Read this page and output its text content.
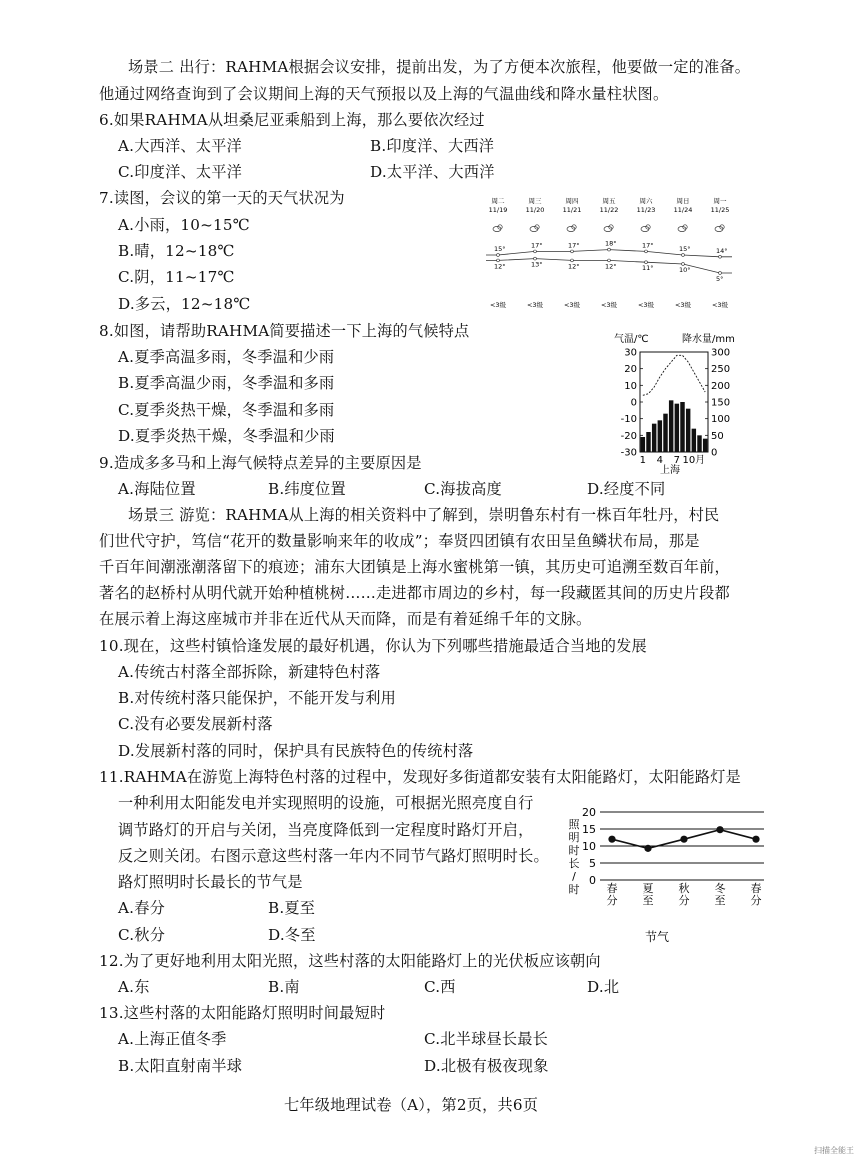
场景二 出行：RAHMA根据会议安排，提前出发，为了方便本次旅程，他要做一定的准备。
他通过网络查询到了会议期间上海的天气预报以及上海的气温曲线和降水量柱状图。
6.如果RAHMA从坦桑尼亚乘船到上海，那么要依次经过
A.大西洋、太平洋	B.印度洋、大西洋
C.印度洋、太平洋	D.太平洋、大西洋
7.读图，会议的第一天的天气状况为
A.小雨，10~15℃
B.晴，12~18℃
C.阴，11~17℃
D.多云，12~18℃
周二	周三	周四	周五	周六	周日	周一
11/19	11/20	11/21	11/22	11/23	11/24	11/25
15°	17°	17°	18°	17°	15°	14°
12°	13°	12°	12°	11°	10°
5°
<3级	<3级	<3级	<3级	<3级	<3级	<3级
8.如图，请帮助RAHMA简要描述一下上海的气候特点
A.夏季高温多雨，冬季温和少雨
B.夏季高温少雨，冬季温和多雨
C.夏季炎热干燥，冬季温和多雨
D.夏季炎热干燥，冬季温和少雨
气温/℃	降水量/mm
30
20
10
0
-10
-20
-30
300
250
200
150
100
50
0
1 4 7 10月
上海
9.造成多多马和上海气候特点差异的主要原因是
A.海陆位置	B.纬度位置	C.海拔高度	D.经度不同
场景三 游览：RAHMA从上海的相关资料中了解到，崇明鲁东村有一株百年牡丹，村民
们世代守护，笃信“花开的数量影响来年的收成”；奉贤四团镇有农田呈鱼鳞状布局，那是
千百年间潮涨潮落留下的痕迹；浦东大团镇是上海水蜜桃第一镇，其历史可追溯至数百年前，
著名的赵桥村从明代就开始种植桃树……走进都市周边的乡村，每一段藏匿其间的历史片段都
在展示着上海这座城市并非在近代从天而降，而是有着延绵千年的文脉。
10.现在，这些村镇恰逢发展的最好机遇，你认为下列哪些措施最适合当地的发展
A.传统古村落全部拆除，新建特色村落
B.对传统村落只能保护，不能开发与利用
C.没有必要发展新村落
D.发展新村落的同时，保护具有民族特色的传统村落
11.RAHMA在游览上海特色村落的过程中，发现好多街道都安装有太阳能路灯，太阳能路灯是
一种利用太阳能发电并实现照明的设施，可根据光照亮度自行
调节路灯的开启与关闭，当亮度降低到一定程度时路灯开启，
反之则关闭。右图示意这些村落一年内不同节气路灯照明时长。
路灯照明时长最长的节气是
A.春分	B.夏至
C.秋分	D.冬至
20
15
10
5
0
照
明
时
长
/
时 春
分
夏
至
秋
分
冬
至
春
分
节气
12.为了更好地利用太阳光照，这些村落的太阳能路灯上的光伏板应该朝向
A.东	B.南	C.西	D.北
13.这些村落的太阳能路灯照明时间最短时
A.上海正值冬季	C.北半球昼长最长
B.太阳直射南半球	D.北极有极夜现象
七年级地理试卷（A），第2页，共6页
扫描全能王
